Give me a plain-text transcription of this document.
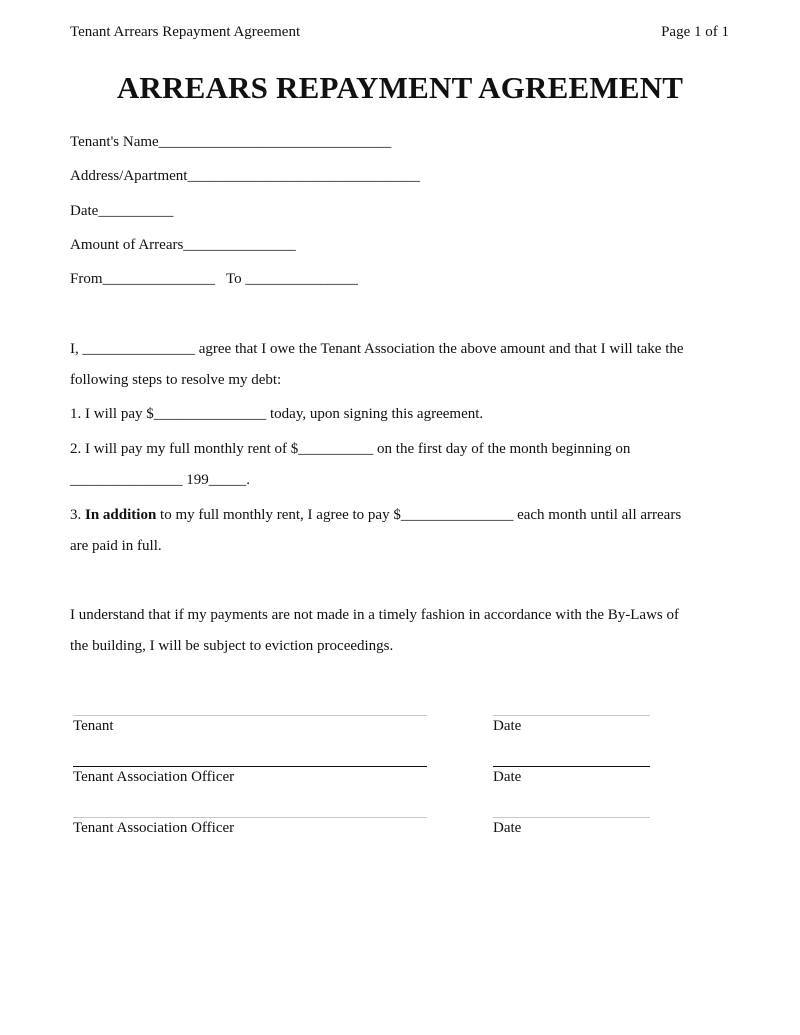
Tenant Arrears Repayment Agreement	Page 1 of 1
ARREARS REPAYMENT AGREEMENT
Tenant's Name_______________________________
Address/Apartment_______________________________
Date__________
Amount of Arrears_______________
From_______________ To _______________
I, _______________ agree that I owe the Tenant Association the above amount and that I will take the
following steps to resolve my debt:
1. I will pay $_______________ today, upon signing this agreement.
2. I will pay my full monthly rent of $__________ on the first day of the month beginning on
_______________ 199_____.
3. In addition to my full monthly rent, I agree to pay $_______________ each month until all arrears
are paid in full.
I understand that if my payments are not made in a timely fashion in accordance with the By-Laws of
the building, I will be subject to eviction proceedings.
Tenant	Date
Tenant Association Officer	Date
Tenant Association Officer	Date
